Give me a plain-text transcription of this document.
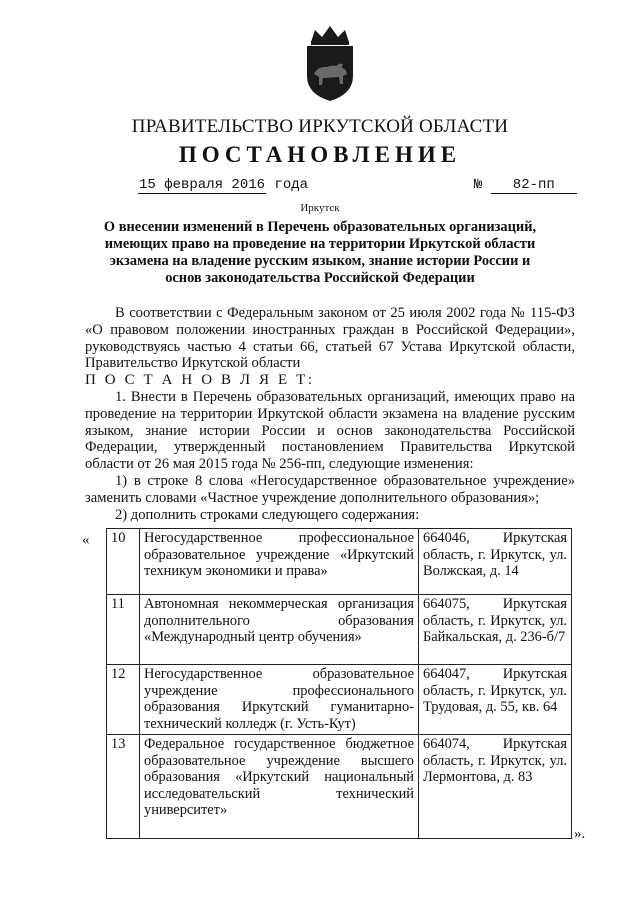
ПРАВИТЕЛЬСТВО ИРКУТСКОЙ ОБЛАСТИ
ПОСТАНОВЛЕНИЕ
15 февраля 2016 года	№ 82-пп
Иркутск
О внесении изменений в Перечень образовательных организаций, имеющих право на проведение на территории Иркутской области экзамена на владение русским языком, знание истории России и основ законодательства Российской Федерации

В соответствии с Федеральным законом от 25 июля 2002 года № 115-ФЗ «О правовом положении иностранных граждан в Российской Федерации», руководствуясь частью 4 статьи 66, статьей 67 Устава Иркутской области, Правительство Иркутской области

П О С Т А Н О В Л Я Е Т:

1. Внести в Перечень образовательных организаций, имеющих право на проведение на территории Иркутской области экзамена на владение русским языком, знание истории России и основ законодательства Российской Федерации, утвержденный постановлением Правительства Иркутской области от 26 мая 2015 года № 256-пп, следующие изменения:

1) в строке 8 слова «Негосударственное образовательное учреждение» заменить словами «Частное учреждение дополнительного образования»;

2) дополнить строками следующего содержания:

« 10	Негосударственное профессиональное образовательное учреждение «Иркутский техникум экономики и права»	664046, Иркутская область, г. Иркутск, ул. Волжская, д. 14
11	Автономная некоммерческая организация дополнительного образования «Международный центр обучения»	664075, Иркутская область, г. Иркутск, ул. Байкальская, д. 236-б/7
12	Негосударственное образовательное учреждение профессионального образования Иркутский гуманитарно-технический колледж (г. Усть-Кут)	664047, Иркутская область, г. Иркутск, ул. Трудовая, д. 55, кв. 64
13	Федеральное государственное бюджетное образовательное учреждение высшего образования «Иркутский национальный исследовательский технический университет»	664074, Иркутская область, г. Иркутск, ул. Лермонтова, д. 83
».
